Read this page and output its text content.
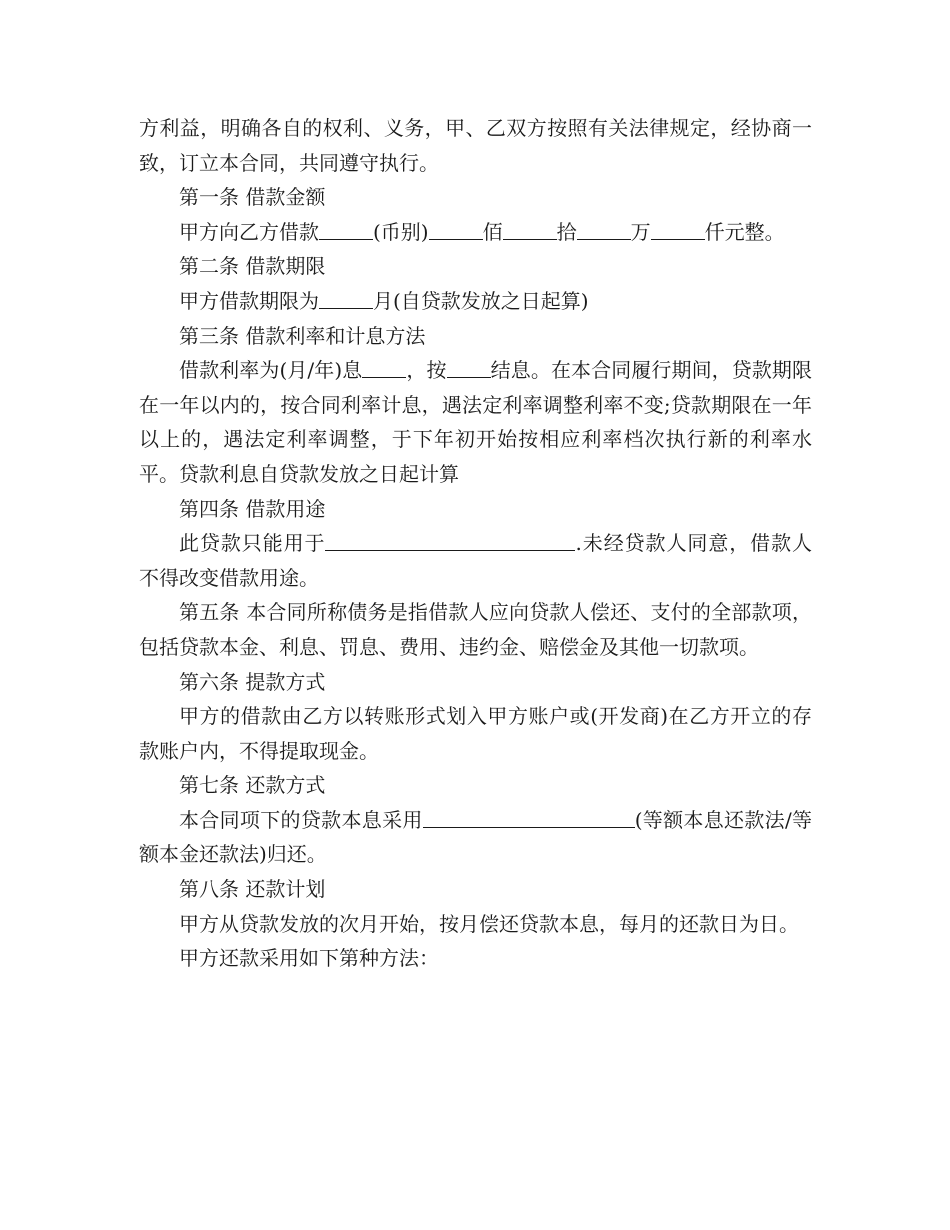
方利益，明确各自的权利、义务，甲、乙双方按照有关法律规定，经协商一致，订立本合同，共同遵守执行。

第一条 借款金额

甲方向乙方借款	(币别)	佰	拾	万	仟元整。

第二条 借款期限

甲方借款期限为	月(自贷款发放之日起算)

第三条 借款利率和计息方法

借款利率为(月/年)息 ，按 结息。在本合同履行期间，贷款期限在一年以内的，按合同利率计息，遇法定利率调整利率不变;贷款期限在一年以上的，遇法定利率调整，于下年初开始按相应利率档次执行新的利率水平。贷款利息自贷款发放之日起计算

第四条 借款用途

此贷款只能用于	.未经贷款人同意，借款人不得改变借款用途。

第五条 本合同所称债务是指借款人应向贷款人偿还、支付的全部款项，包括贷款本金、利息、罚息、费用、违约金、赔偿金及其他一切款项。

第六条 提款方式

甲方的借款由乙方以转账形式划入甲方账户或(开发商)在乙方开立的存款账户内，不得提取现金。

第七条 还款方式

本合同项下的贷款本息采用	(等额本息还款法/等额本金还款法)归还。

第八条 还款计划

甲方从贷款发放的次月开始，按月偿还贷款本息，每月的还款日为日。

甲方还款采用如下第种方法：
